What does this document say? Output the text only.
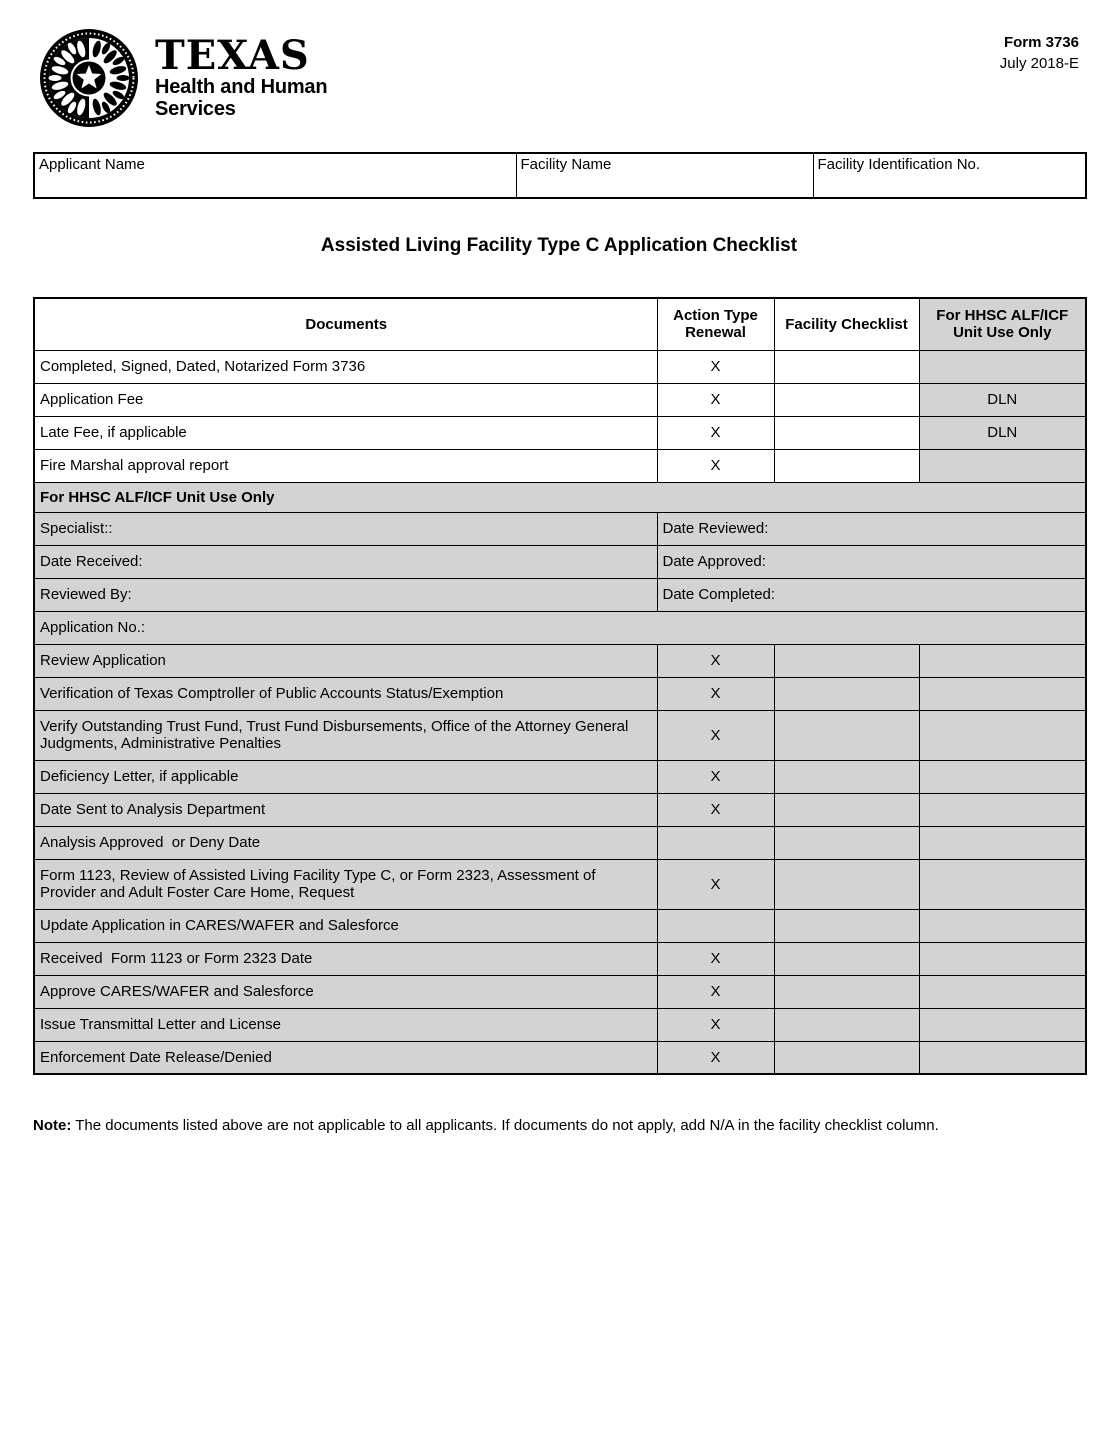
TEXAS
Health and Human
Services
Form 3736
July 2018-E
Applicant Name	Facility Name	Facility Identification No.
Assisted Living Facility Type C Application Checklist
Documents	Action Type Renewal	Facility Checklist	For HHSC ALF/ICF Unit Use Only
Completed, Signed, Dated, Notarized Form 3736	X		
Application Fee	X		DLN
Late Fee, if applicable	X		DLN
Fire Marshal approval report	X		
For HHSC ALF/ICF Unit Use Only			
Specialist::	Date Reviewed:		
Date Received:	Date Approved:		
Reviewed By:	Date Completed:		
Application No.:			
Review Application	X		
Verification of Texas Comptroller of Public Accounts Status/Exemption	X		
Verify Outstanding Trust Fund, Trust Fund Disbursements, Office of the Attorney General Judgments, Administrative Penalties	X		
Deficiency Letter, if applicable	X		
Date Sent to Analysis Department	X		
Analysis Approved  or Deny Date			
Form 1123, Review of Assisted Living Facility Type C, or Form 2323, Assessment of Provider and Adult Foster Care Home, Request	X		
Update Application in CARES/WAFER and Salesforce			
Received  Form 1123 or Form 2323 Date	X		
Approve CARES/WAFER and Salesforce	X		
Issue Transmittal Letter and License	X		
Enforcement Date Release/Denied	X		

Note: The documents listed above are not applicable to all applicants. If documents do not apply, add N/A in the facility checklist column.
